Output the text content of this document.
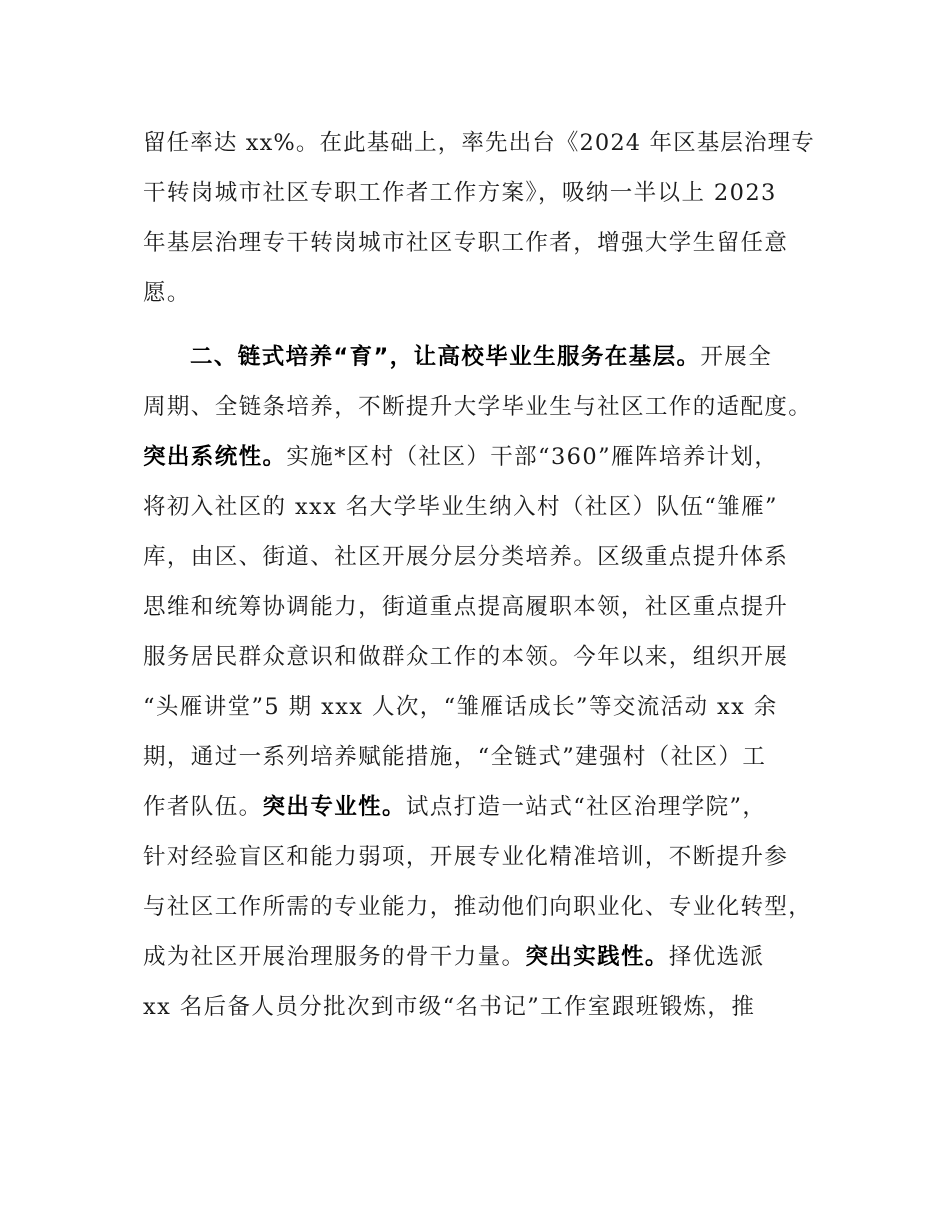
留任率达 xx%。在此基础上，率先出台《2024 年区基层治理专
干转岗城市社区专职工作者工作方案》，吸纳一半以上 2023
年基层治理专干转岗城市社区专职工作者，增强大学生留任意
愿。
二、链式培养“育”，让高校毕业生服务在基层。开展全
周期、全链条培养，不断提升大学毕业生与社区工作的适配度。
突出系统性。实施*区村（社区）干部“360”雁阵培养计划，
将初入社区的 xxx 名大学毕业生纳入村（社区）队伍“雏雁”
库，由区、街道、社区开展分层分类培养。区级重点提升体系
思维和统筹协调能力，街道重点提高履职本领，社区重点提升
服务居民群众意识和做群众工作的本领。今年以来，组织开展
“头雁讲堂”5 期 xxx 人次，“雏雁话成长”等交流活动 xx 余
期，通过一系列培养赋能措施，“全链式”建强村（社区）工
作者队伍。突出专业性。试点打造一站式“社区治理学院”，
针对经验盲区和能力弱项，开展专业化精准培训，不断提升参
与社区工作所需的专业能力，推动他们向职业化、专业化转型，
成为社区开展治理服务的骨干力量。突出实践性。择优选派
xx 名后备人员分批次到市级“名书记”工作室跟班锻炼，推
